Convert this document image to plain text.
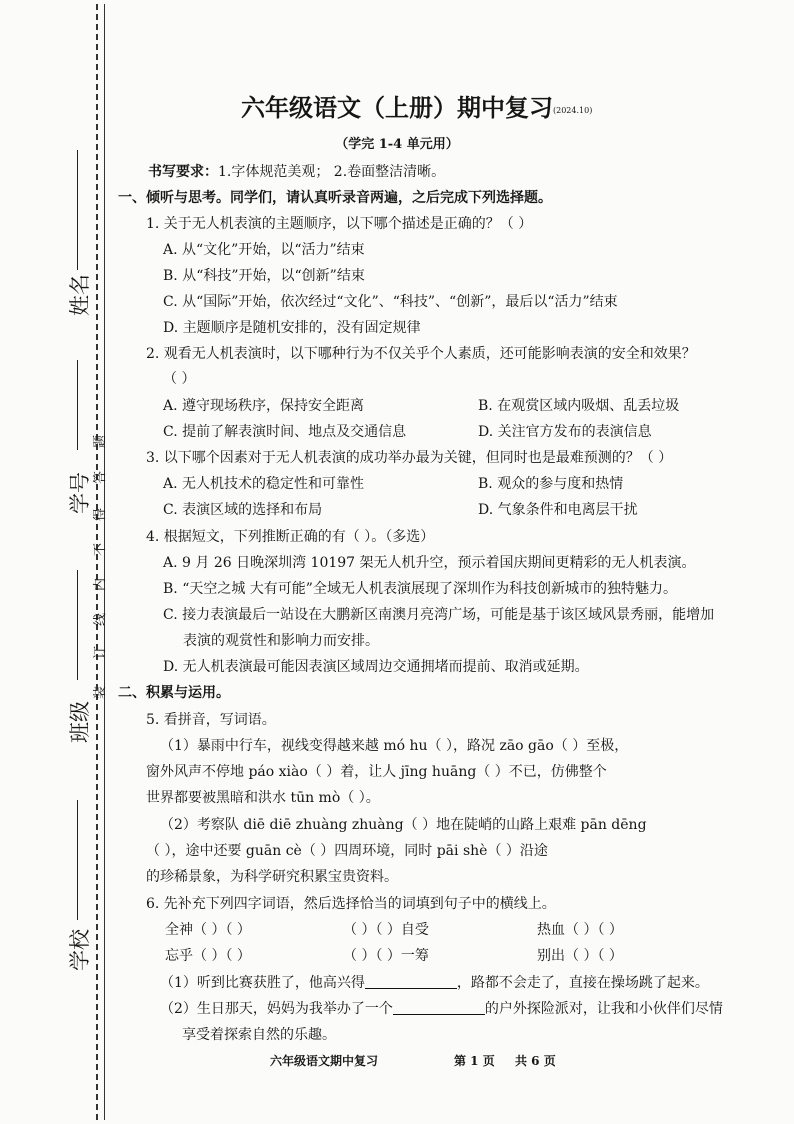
姓名
学号
班级
学校
装
订
线
内
不
得
答
题
六年级语文（上册）期中复习 (2024.10)
（学完 1-4 单元用）
书写要求：1.字体规范美观； 2.卷面整洁清晰。
一、倾听与思考。同学们，请认真听录音两遍，之后完成下列选择题。
1. 关于无人机表演的主题顺序，以下哪个描述是正确的？（ ）
A. 从“文化”开始，以“活力”结束
B. 从“科技”开始，以“创新”结束
C. 从“国际”开始，依次经过“文化”、“科技”、“创新”，最后以“活力”结束
D. 主题顺序是随机安排的，没有固定规律
2. 观看无人机表演时，以下哪种行为不仅关乎个人素质，还可能影响表演的安全和效果？
（ ）
A. 遵守现场秩序，保持安全距离	B. 在观赏区域内吸烟、乱丢垃圾
C. 提前了解表演时间、地点及交通信息	D. 关注官方发布的表演信息
3. 以下哪个因素对于无人机表演的成功举办最为关键，但同时也是最难预测的？（ ）
A. 无人机技术的稳定性和可靠性	B. 观众的参与度和热情
C. 表演区域的选择和布局	D. 气象条件和电离层干扰
4. 根据短文，下列推断正确的有（ ）。（多选）
A. 9 月 26 日晚深圳湾 10197 架无人机升空，预示着国庆期间更精彩的无人机表演。
B. “天空之城 大有可能”全域无人机表演展现了深圳作为科技创新城市的独特魅力。
C. 接力表演最后一站设在大鹏新区南澳月亮湾广场，可能是基于该区域风景秀丽，能增加
表演的观赏性和影响力而安排。
D. 无人机表演最可能因表演区域周边交通拥堵而提前、取消或延期。
二、积累与运用。
5. 看拼音，写词语。
（1）暴雨中行车，视线变得越来越 mó hu（ ），路况 zāo gāo（ ）至极，
窗外风声不停地 páo xiào（ ）着，让人 jīng huāng（ ）不已，仿佛整个
世界都要被黑暗和洪水 tūn mò（ ）。
（2）考察队 diē diē zhuàng zhuàng（ ）地在陡峭的山路上艰难 pān dēng
（ ），途中还要 guān cè（ ）四周环境，同时 pāi shè（ ）沿途
的珍稀景象，为科学研究积累宝贵资料。
6. 先补充下列四字词语，然后选择恰当的词填到句子中的横线上。
全神（ ）（ ）	（ ）（ ）自受	热血（ ）（ ）
忘乎（ ）（ ）	（ ）（ ）一筹	别出（ ）（ ）
（1）听到比赛获胜了，他高兴得	，路都不会走了，直接在操场跳了起来。
（2）生日那天，妈妈为我举办了一个	的户外探险派对，让我和小伙伴们尽情
享受着探索自然的乐趣。
六年级语文期中复习	第 1 页 共 6 页
